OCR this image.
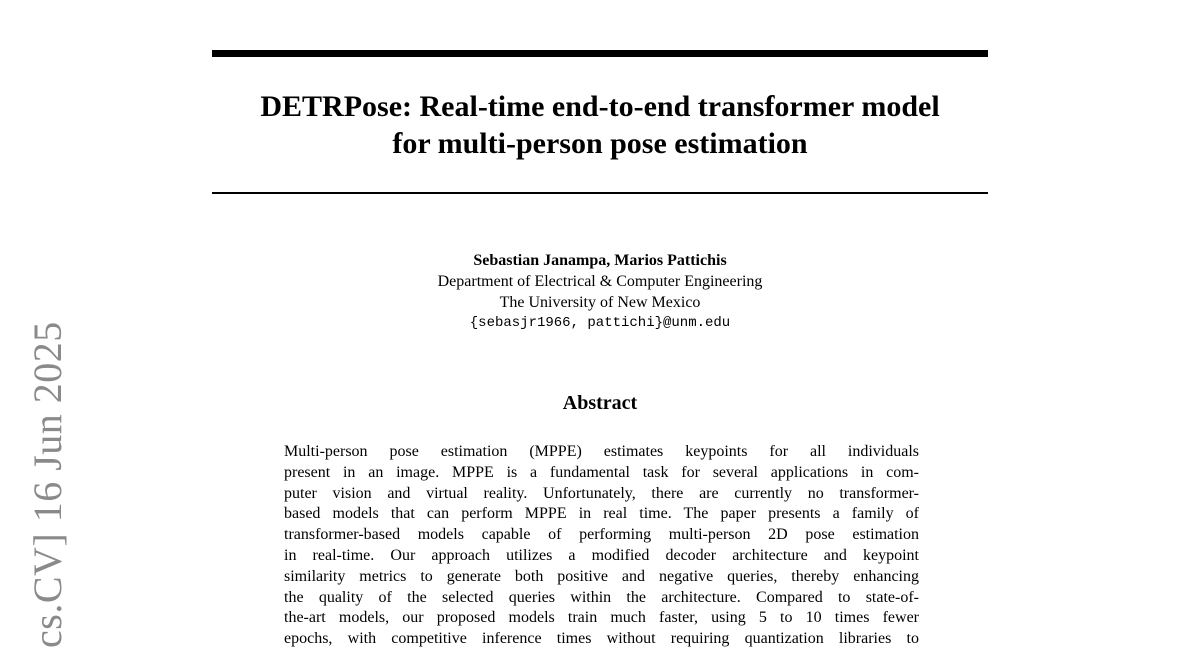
DETRPose: Real-time end-to-end transformer model
for multi-person pose estimation
Sebastian Janampa, Marios Pattichis
Department of Electrical & Computer Engineering
The University of New Mexico
{sebasjr1966, pattichi}@unm.edu
Abstract
Multi-person pose estimation (MPPE) estimates keypoints for all individuals
present in an image. MPPE is a fundamental task for several applications in com-
puter vision and virtual reality. Unfortunately, there are currently no transformer-
based models that can perform MPPE in real time. The paper presents a family of
transformer-based models capable of performing multi-person 2D pose estimation
in real-time. Our approach utilizes a modified decoder architecture and keypoint
similarity metrics to generate both positive and negative queries, thereby enhancing
the quality of the selected queries within the architecture. Compared to state-of-
the-art models, our proposed models train much faster, using 5 to 10 times fewer
epochs, with competitive inference times without requiring quantization libraries to
cs.CV] 16 Jun 2025
